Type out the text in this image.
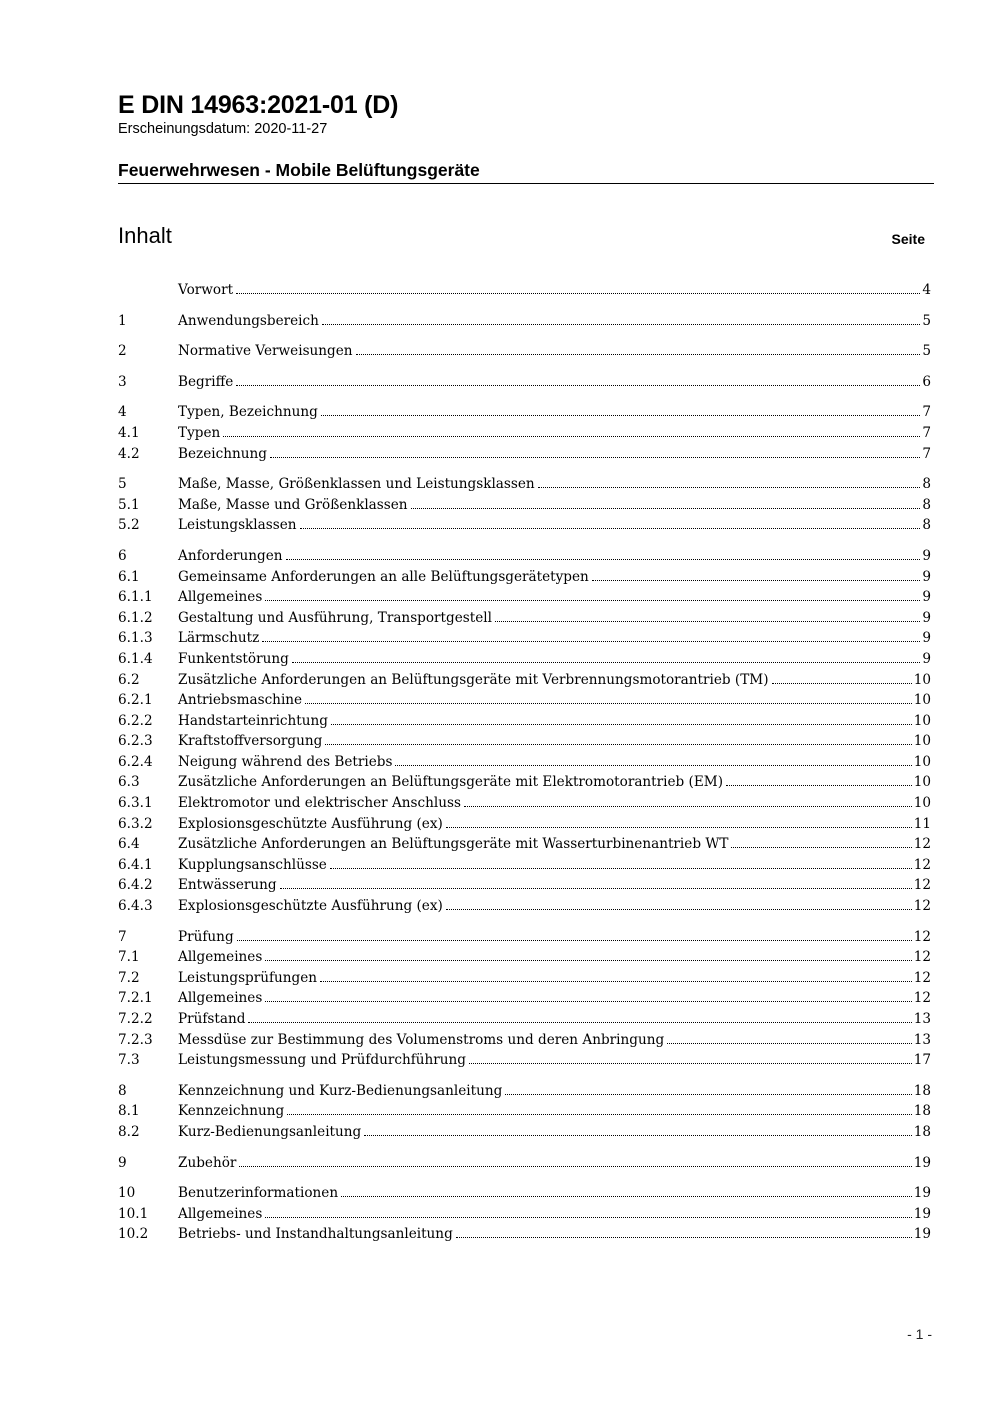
E DIN 14963:2021-01 (D)
Erscheinungsdatum: 2020-11-27
Feuerwehrwesen - Mobile Belüftungsgeräte
Inhalt	Seite
Vorwort	4
1	Anwendungsbereich	5
2	Normative Verweisungen	5
3	Begriffe	6
4	Typen, Bezeichnung	7
4.1	Typen	7
4.2	Bezeichnung	7
5	Maße, Masse, Größenklassen und Leistungsklassen	8
5.1	Maße, Masse und Größenklassen	8
5.2	Leistungsklassen	8
6	Anforderungen	9
6.1	Gemeinsame Anforderungen an alle Belüftungsgerätetypen	9
6.1.1	Allgemeines	9
6.1.2	Gestaltung und Ausführung, Transportgestell	9
6.1.3	Lärmschutz	9
6.1.4	Funkentstörung	9
6.2	Zusätzliche Anforderungen an Belüftungsgeräte mit Verbrennungsmotorantrieb (TM)	10
6.2.1	Antriebsmaschine	10
6.2.2	Handstarteinrichtung	10
6.2.3	Kraftstoffversorgung	10
6.2.4	Neigung während des Betriebs	10
6.3	Zusätzliche Anforderungen an Belüftungsgeräte mit Elektromotorantrieb (EM)	10
6.3.1	Elektromotor und elektrischer Anschluss	10
6.3.2	Explosionsgeschützte Ausführung (ex)	11
6.4	Zusätzliche Anforderungen an Belüftungsgeräte mit Wasserturbinenantrieb WT	12
6.4.1	Kupplungsanschlüsse	12
6.4.2	Entwässerung	12
6.4.3	Explosionsgeschützte Ausführung (ex)	12
7	Prüfung	12
7.1	Allgemeines	12
7.2	Leistungsprüfungen	12
7.2.1	Allgemeines	12
7.2.2	Prüfstand	13
7.2.3	Messdüse zur Bestimmung des Volumenstroms und deren Anbringung	13
7.3	Leistungsmessung und Prüfdurchführung	17
8	Kennzeichnung und Kurz-Bedienungsanleitung	18
8.1	Kennzeichnung	18
8.2	Kurz-Bedienungsanleitung	18
9	Zubehör	19
10	Benutzerinformationen	19
10.1	Allgemeines	19
10.2	Betriebs- und Instandhaltungsanleitung	19
- 1 -
